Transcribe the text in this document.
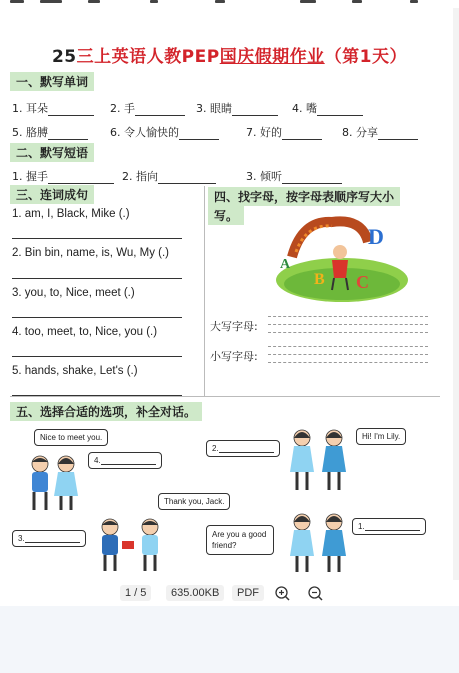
25三上英语人教PEP国庆假期作业（第1天）
一、默写单词
1. 耳朵	2. 手	3. 眼睛	4. 嘴
5. 胳膊	6. 令人愉快的	7. 好的	8. 分享
二、默写短语
1. 握手	2. 指向	3. 倾听
三、连词成句
1. am, I, Black, Mike (.)
2. Bin bin, name, is, Wu, My (.)
3. you, to, Nice, meet (.)
4. too, meet, to, Nice, you (.)
5. hands, shake, Let's (.)
四、找字母，按字母表顺序写大小
写。
D
B C
A
大写字母:
小写字母:
五、选择合适的选项，补全对话。
Nice to meet you.
4.
2.
Hi! I'm Lily.
Thank you, Jack.
3.	Are you a good friend?
1.
1 / 5	635.00KB	PDF
